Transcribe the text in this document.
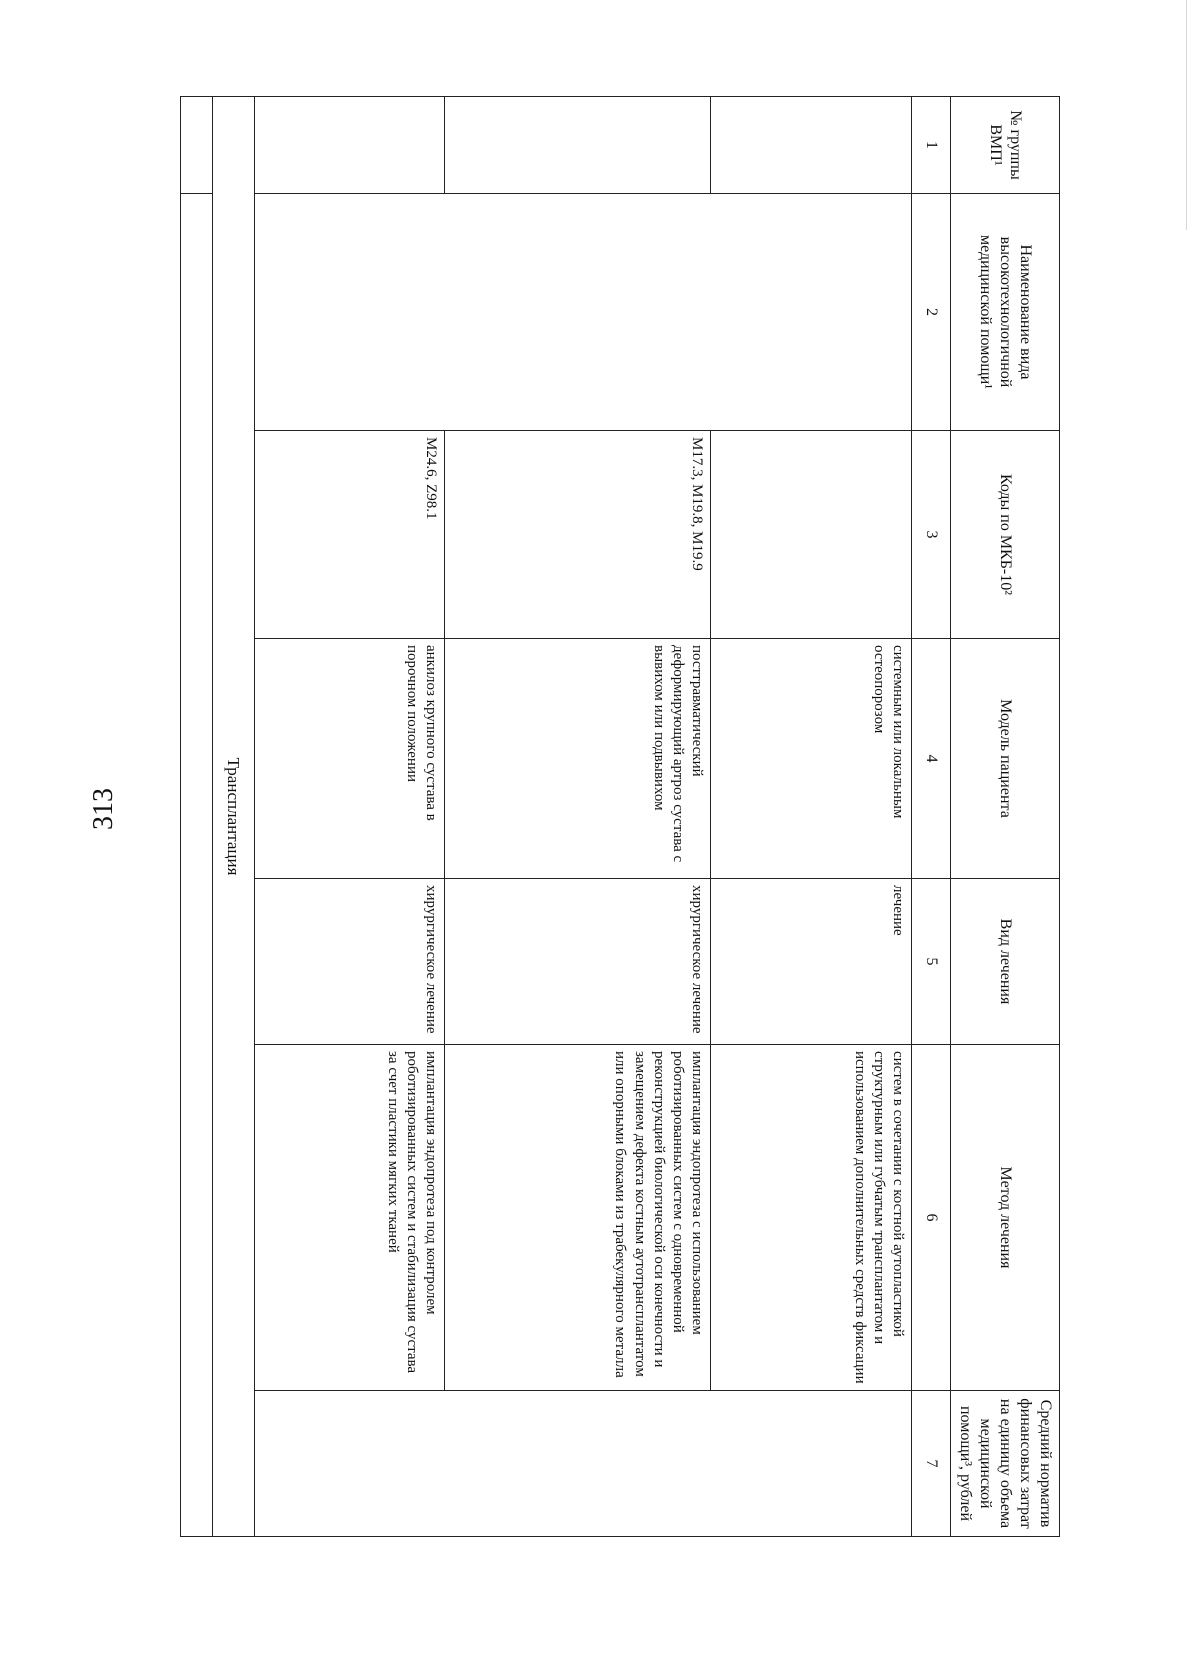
313
№ группы ВМП¹	Наименование вида высокотехнологичной медицинской помощи¹	Коды по МКБ-10²	Модель пациента	Вид лечения	Метод лечения	Средний норматив финансовых затрат на единицу объема медицинской помощи³, рублей
1	2	3	4	5	6	7
			системным или локальным остеопорозом	лечение	систем в сочетании с костной аутопластикой структурным или губчатым трансплантатом и использованием дополнительных средств фиксации	
		M17.3, M19.8, M19.9	посттравматический деформирующий артроз сустава с вывихом или подвывихом	хирургическое лечение	имплантация эндопротеза с использованием роботизированных систем с одновременной реконструкцией биологической оси конечности и замещением дефекта костным аутотрансплантатом или опорными блоками из трабекулярного металла	
		M24.6, Z98.1	анкилоз крупного сустава в порочном положении	хирургическое лечение	имплантация эндопротеза под контролем роботизированных систем и стабилизация сустава за счет пластики мягких тканей	
Трансплантация						
